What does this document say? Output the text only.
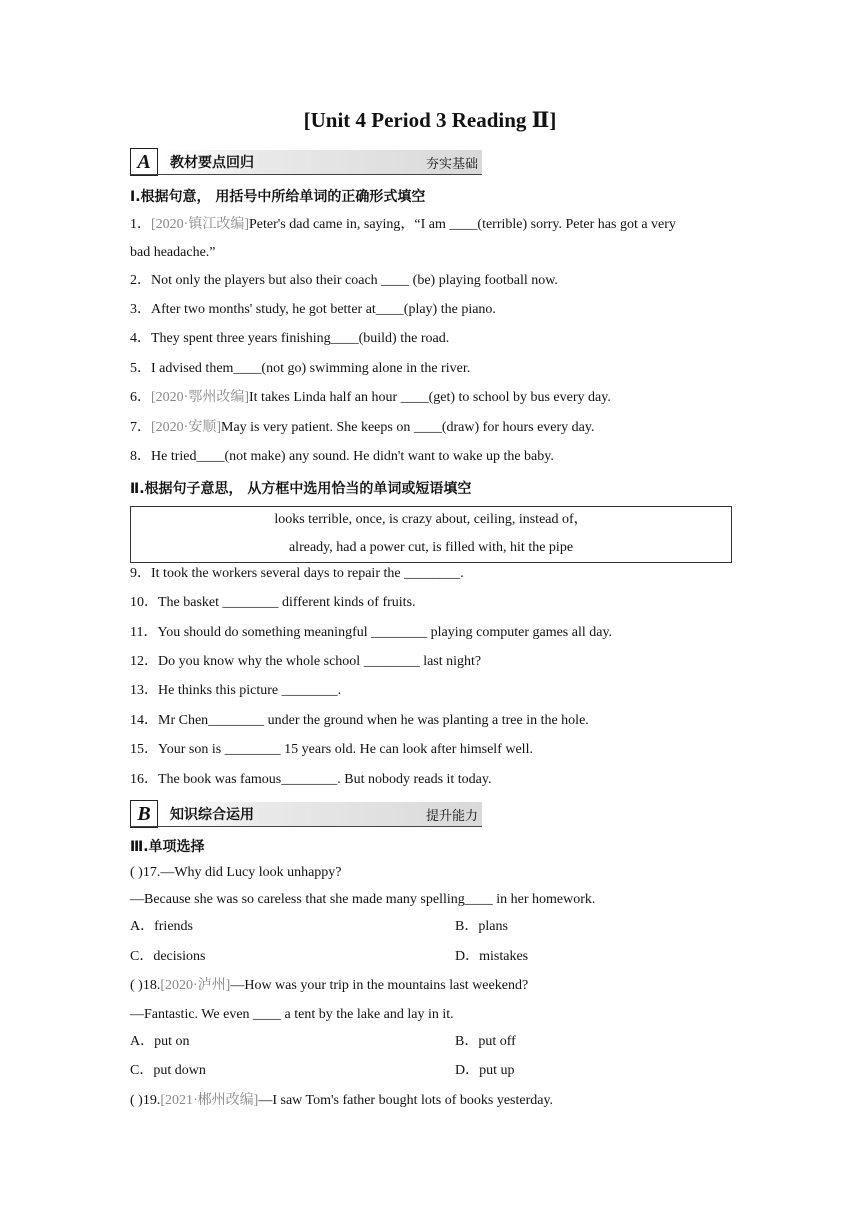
[Unit 4 Period 3 Reading Ⅱ]
A	教材要点回归	夯实基础
Ⅰ.根据句意， 用括号中所给单词的正确形式填空
1．[2020·镇江改编]Peter's dad came in, saying，“I am ____(terrible) sorry. Peter has got a very
bad headache.”
2．Not only the players but also their coach ____ (be) playing football now.
3．After two months' study, he got better at____(play) the piano.
4．They spent three years finishing____(build) the road.
5．I advised them____(not go) swimming alone in the river.
6．[2020·鄂州改编]It takes Linda half an hour ____(get) to school by bus every day.
7．[2020·安顺]May is very patient. She keeps on ____(draw) for hours every day.
8．He tried____(not make) any sound. He didn't want to wake up the baby.
Ⅱ.根据句子意思， 从方框中选用恰当的单词或短语填空
looks terrible, once, is crazy about, ceiling, instead of，
already, had a power cut, is filled with, hit the pipe
9．It took the workers several days to repair the ________.
10．The basket ________ different kinds of fruits.
11．You should do something meaningful ________ playing computer games all day.
12．Do you know why the whole school ________ last night?
13．He thinks this picture ________.
14．Mr Chen________ under the ground when he was planting a tree in the hole.
15．Your son is ________ 15 years old. He can look after himself well.
16．The book was famous________. But nobody reads it today.
B	知识综合运用	提升能力
Ⅲ.单项选择
( )17.—Why did Lucy look unhappy?
—Because she was so careless that she made many spelling____ in her homework.
A．friends	B．plans
C．decisions	D．mistakes
( )18.[2020·泸州]—How was your trip in the mountains last weekend?
—Fantastic. We even ____ a tent by the lake and lay in it.
A．put on	B．put off
C．put down	D．put up
( )19.[2021·郴州改编]—I saw Tom's father bought lots of books yesterday.
